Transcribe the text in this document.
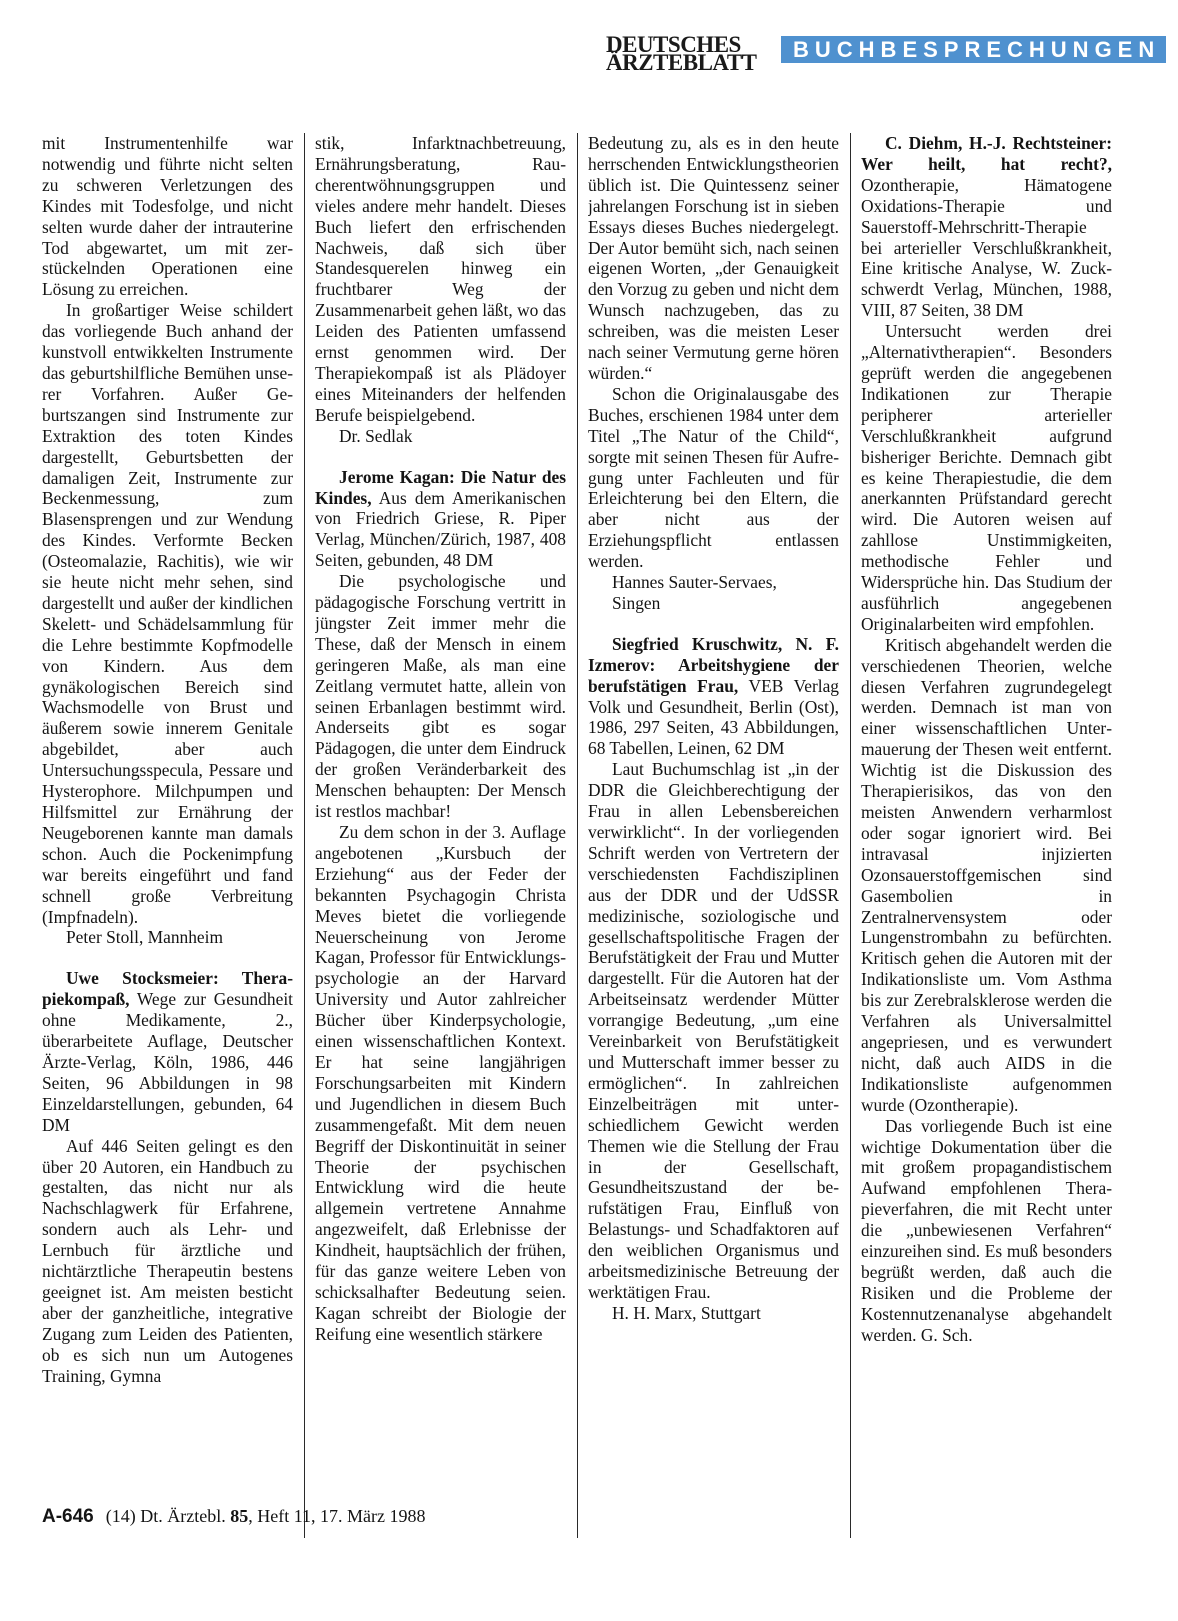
DEUTSCHES
ÄRZTEBLATT
BUCHBESPRECHUNGEN

mit Instrumentenhilfe war notwendig und führte nicht selten zu schweren Verletzungen des Kindes mit Todesfolge, und nicht selten wurde daher der intrauterine Tod abgewartet, um mit zerstückelnden Operationen eine Lösung zu erreichen.

In großartiger Weise schildert das vorliegende Buch anhand der kunstvoll entwikkelten Instrumente das geburtshilfliche Bemühen unserer Vorfahren. Außer Geburtszangen sind Instrumente zur Extraktion des toten Kindes dargestellt, Geburtsbetten der damaligen Zeit, Instrumente zur Beckenmessung, zum Blasensprengen und zur Wendung des Kindes. Verformte Becken (Osteomalazie, Rachitis), wie wir sie heute nicht mehr sehen, sind dargestellt und außer der kindlichen Skelett- und Schädelsammlung für die Lehre bestimmte Kopfmodelle von Kindern. Aus dem gynäkologischen Bereich sind Wachsmodelle von Brust und äußerem sowie innerem Genitale abgebildet, aber auch Untersuchungsspecula, Pessare und Hysterophore. Milchpumpen und Hilfsmittel zur Ernährung der Neugeborenen kannte man damals schon. Auch die Pockenimpfung war bereits eingeführt und fand schnell große Verbreitung (Impfnadeln).

Peter Stoll, Mannheim

Uwe Stocksmeier: Therapiekompaß, Wege zur Gesundheit ohne Medikamente, 2., überarbeitete Auflage, Deutscher Ärzte-Verlag, Köln, 1986, 446 Seiten, 96 Abbildungen in 98 Einzeldarstellungen, gebunden, 64 DM

Auf 446 Seiten gelingt es den über 20 Autoren, ein Handbuch zu gestalten, das nicht nur als Nachschlagwerk für Erfahrene, sondern auch als Lehr- und Lernbuch für ärztliche und nichtärztliche Therapeutin bestens geeignet ist. Am meisten besticht aber der ganzheitliche, integrative Zugang zum Leiden des Patienten, ob es sich nun um Autogenes Training, Gymna

stik, Infarktnachbetreuung, Ernährungsberatung, Raucherentwöhnungsgruppen und vieles andere mehr handelt. Dieses Buch liefert den erfrischenden Nachweis, daß sich über Standesquerelen hinweg ein fruchtbarer Weg der Zusammenarbeit gehen läßt, wo das Leiden des Patienten umfassend ernst genommen wird. Der Therapiekompaß ist als Plädoyer eines Miteinanders der helfenden Berufe beispielgebend.

Dr. Sedlak

Jerome Kagan: Die Natur des Kindes, Aus dem Amerikanischen von Friedrich Griese, R. Piper Verlag, München/Zürich, 1987, 408 Seiten, gebunden, 48 DM

Die psychologische und pädagogische Forschung vertritt in jüngster Zeit immer mehr die These, daß der Mensch in einem geringeren Maße, als man eine Zeitlang vermutet hatte, allein von seinen Erbanlagen bestimmt wird. Anderseits gibt es sogar Pädagogen, die unter dem Eindruck der großen Veränderbarkeit des Menschen behaupten: Der Mensch ist restlos machbar!

Zu dem schon in der 3. Auflage angebotenen „Kursbuch der Erziehung“ aus der Feder der bekannten Psychagogin Christa Meves bietet die vorliegende Neuerscheinung von Jerome Kagan, Professor für Entwicklungspsychologie an der Harvard University und Autor zahlreicher Bücher über Kinderpsychologie, einen wissenschaftlichen Kontext. Er hat seine langjährigen Forschungsarbeiten mit Kindern und Jugendlichen in diesem Buch zusammengefaßt. Mit dem neuen Begriff der Diskontinuität in seiner Theorie der psychischen Entwicklung wird die heute allgemein vertretene Annahme angezweifelt, daß Erlebnisse der Kindheit, hauptsächlich der frühen, für das ganze weitere Leben von schicksalhafter Bedeutung seien. Kagan schreibt der Biologie der Reifung eine wesentlich stärkere

Bedeutung zu, als es in den heute herrschenden Entwicklungstheorien üblich ist. Die Quintessenz seiner jahrelangen Forschung ist in sieben Essays dieses Buches niedergelegt. Der Autor bemüht sich, nach seinen eigenen Worten, „der Genauigkeit den Vorzug zu geben und nicht dem Wunsch nachzugeben, das zu schreiben, was die meisten Leser nach seiner Vermutung gerne hören würden.“

Schon die Originalausgabe des Buches, erschienen 1984 unter dem Titel „The Natur of the Child“, sorgte mit seinen Thesen für Aufregung unter Fachleuten und für Erleichterung bei den Eltern, die aber nicht aus der Erziehungspflicht entlassen werden.

Hannes Sauter-Servaes,

Singen

Siegfried Kruschwitz, N. F. Izmerov: Arbeitshygiene der berufstätigen Frau, VEB Verlag Volk und Gesundheit, Berlin (Ost), 1986, 297 Seiten, 43 Abbildungen, 68 Tabellen, Leinen, 62 DM

Laut Buchumschlag ist „in der DDR die Gleichberechtigung der Frau in allen Lebensbereichen verwirklicht“. In der vorliegenden Schrift werden von Vertretern der verschiedensten Fachdisziplinen aus der DDR und der UdSSR medizinische, soziologische und gesellschaftspolitische Fragen der Berufstätigkeit der Frau und Mutter dargestellt. Für die Autoren hat der Arbeitseinsatz werdender Mütter vorrangige Bedeutung, „um eine Vereinbarkeit von Berufstätigkeit und Mutterschaft immer besser zu ermöglichen“. In zahlreichen Einzelbeiträgen mit unterschiedlichem Gewicht werden Themen wie die Stellung der Frau in der Gesellschaft, Gesundheitszustand der berufstätigen Frau, Einfluß von Belastungs- und Schadfaktoren auf den weiblichen Organismus und arbeitsmedizinische Betreuung der werktätigen Frau.

H. H. Marx, Stuttgart

C. Diehm, H.-J. Rechtsteiner: Wer heilt, hat recht?, Ozontherapie, Hämatogene Oxidations-Therapie und Sauerstoff-Mehrschritt-Therapie bei arterieller Verschlußkrankheit, Eine kritische Analyse, W. Zuckschwerdt Verlag, München, 1988, VIII, 87 Seiten, 38 DM

Untersucht werden drei „Alternativtherapien“. Besonders geprüft werden die angegebenen Indikationen zur Therapie peripherer arterieller Verschlußkrankheit aufgrund bisheriger Berichte. Demnach gibt es keine Therapiestudie, die dem anerkannten Prüfstandard gerecht wird. Die Autoren weisen auf zahllose Unstimmigkeiten, methodische Fehler und Widersprüche hin. Das Studium der ausführlich angegebenen Originalarbeiten wird empfohlen.

Kritisch abgehandelt werden die verschiedenen Theorien, welche diesen Verfahren zugrundegelegt werden. Demnach ist man von einer wissenschaftlichen Untermauerung der Thesen weit entfernt. Wichtig ist die Diskussion des Therapierisikos, das von den meisten Anwendern verharmlost oder sogar ignoriert wird. Bei intravasal injizierten Ozonsauerstoffgemischen sind Gasembolien in Zentralnervensystem oder Lungenstrombahn zu befürchten. Kritisch gehen die Autoren mit der Indikationsliste um. Vom Asthma bis zur Zerebralsklerose werden die Verfahren als Universalmittel angepriesen, und es verwundert nicht, daß auch AIDS in die Indikationsliste aufgenommen wurde (Ozontherapie).

Das vorliegende Buch ist eine wichtige Dokumentation über die mit großem propagandistischem Aufwand empfohlenen Therapieverfahren, die mit Recht unter die „unbewiesenen Verfahren“ einzureihen sind. Es muß besonders begrüßt werden, daß auch die Risiken und die Probleme der Kostennutzenanalyse abgehandelt werden. G. Sch.

A-646 (14) Dt. Ärztebl. 85, Heft 11, 17. März 1988
